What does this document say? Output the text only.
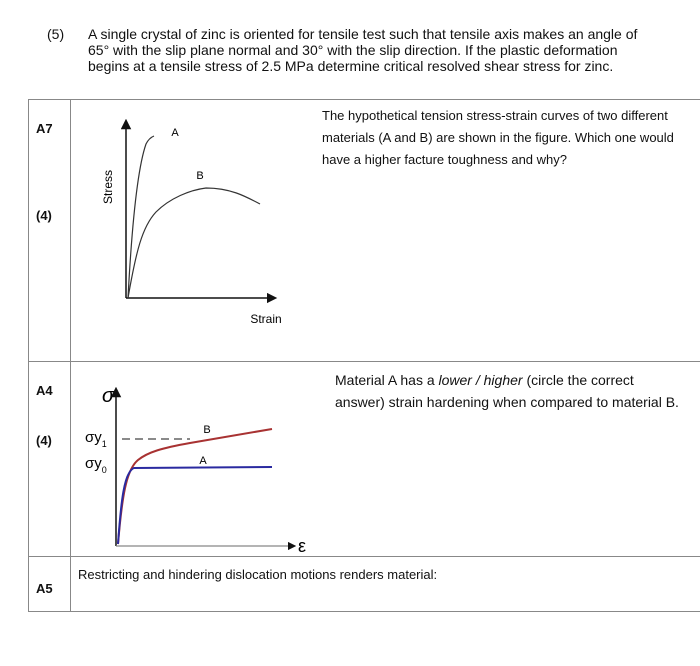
(5) A single crystal of zinc is oriented for tensile test such that tensile axis makes an angle of
65° with the slip plane normal and 30° with the slip direction. If the plastic deformation
begins at a tensile stress of 2.5 MPa determine critical resolved shear stress for zinc.
A7
(4)
The hypothetical tension stress-strain curves of two different
materials (A and B) are shown in the figure. Which one would
have a higher facture toughness and why?
Stress
Strain
A
B
A4
(4)
Material A has a lower / higher (circle the correct
answer) strain hardening when compared to material B.
σ
ε
$\sigma y_1$
$\sigma y_0$
B
A
A5
Restricting and hindering dislocation motions renders material:
